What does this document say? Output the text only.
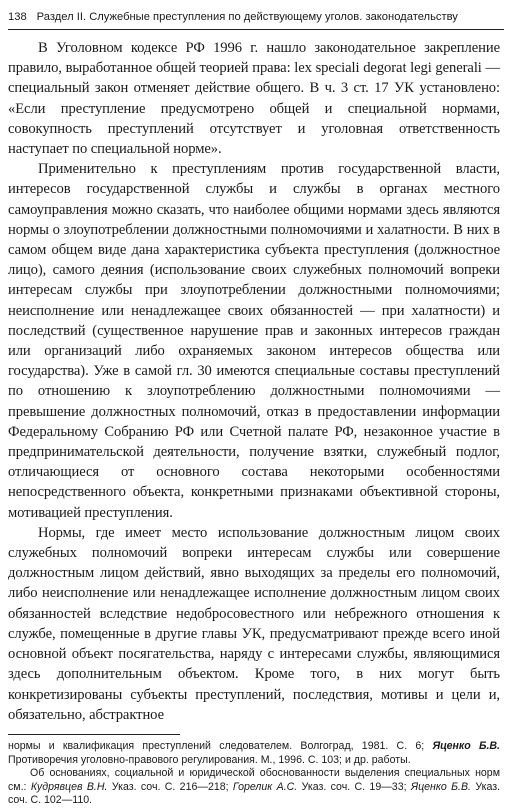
138 Раздел II. Служебные преступления по действующему уголов. законодательству

В Уголовном кодексе РФ 1996 г. нашло законодательное закрепление правило, выработанное общей теорией права: lex speciali degorat legi generali — специальный закон отменяет действие общего. В ч. 3 ст. 17 УК установлено: «Если преступление предусмотрено общей и специальной нормами, совокупность преступлений отсутствует и уголовная ответственность наступает по специальной норме».

Применительно к преступлениям против государственной власти, интересов государственной службы и службы в органах местного самоуправления можно сказать, что наиболее общими нормами здесь являются нормы о злоупотреблении должностными полномочиями и халатности. В них в самом общем виде дана характеристика субъекта преступления (должностное лицо), самого деяния (использование своих служебных полномочий вопреки интересам службы при злоупотреблении должностными полномочиями; неисполнение или ненадлежащее своих обязанностей — при халатности) и последствий (существенное нарушение прав и законных интересов граждан или организаций либо охраняемых законом интересов общества или государства). Уже в самой гл. 30 имеются специальные составы преступлений по отношению к злоупотреблению должностными полномочиями — превышение должностных полномочий, отказ в предоставлении информации Федеральному Собранию РФ или Счетной палате РФ, незаконное участие в предпринимательской деятельности, получение взятки, служебный подлог, отличающиеся от основного состава некоторыми особенностями непосредственного объекта, конкретными признаками объективной стороны, мотивацией преступления.

Нормы, где имеет место использование должностным лицом своих служебных полномочий вопреки интересам службы или совершение должностным лицом действий, явно выходящих за пределы его полномочий, либо неисполнение или ненадлежащее исполнение должностным лицом своих обязанностей вследствие недобросовестного или небрежного отношения к службе, помещенные в другие главы УК, предусматривают прежде всего иной основной объект посягательства, наряду с интересами службы, являющимися здесь дополнительным объектом. Кроме того, в них могут быть конкретизированы субъекты преступлений, последствия, мотивы и цели и, обязательно, абстрактное

нормы и квалификация преступлений следователем. Волгоград, 1981. С. 6; Яценко Б.В. Противоречия уголовно-правового регулирования. М., 1996. С. 103; и др. работы.

Об основаниях, социальной и юридической обоснованности выделения специальных норм см.: Кудрявцев В.Н. Указ. соч. С. 216—218; Горелик А.С. Указ. соч. С. 19—33; Яценко Б.В. Указ. соч. С. 102—110.
